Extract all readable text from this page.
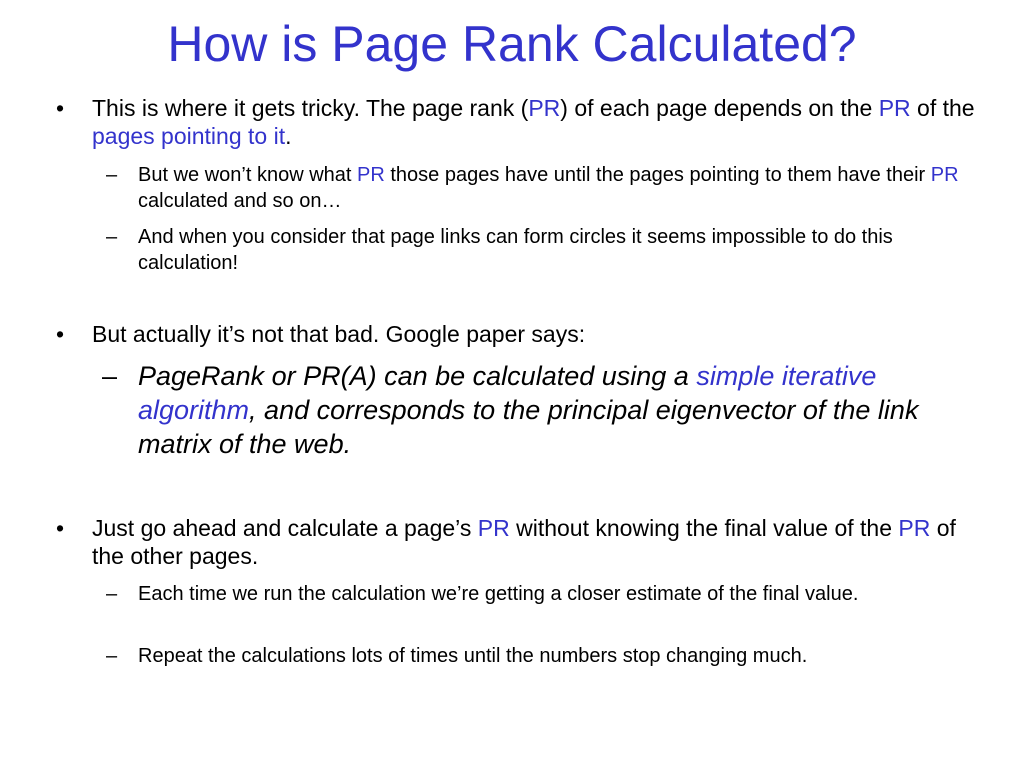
How is Page Rank Calculated?
• This is where it gets tricky. The page rank (PR) of each page depends on the PR of the pages pointing to it.
– But we won’t know what PR those pages have until the pages pointing to them have their PR calculated and so on…
– And when you consider that page links can form circles it seems impossible to do this calculation!
• But actually it’s not that bad. Google paper says:
– PageRank or PR(A) can be calculated using a simple iterative algorithm, and corresponds to the principal eigenvector of the link matrix of the web.
• Just go ahead and calculate a page’s PR without knowing the final value of the PR of the other pages.
– Each time we run the calculation we’re getting a closer estimate of the final value.
– Repeat the calculations lots of times until the numbers stop changing much.
